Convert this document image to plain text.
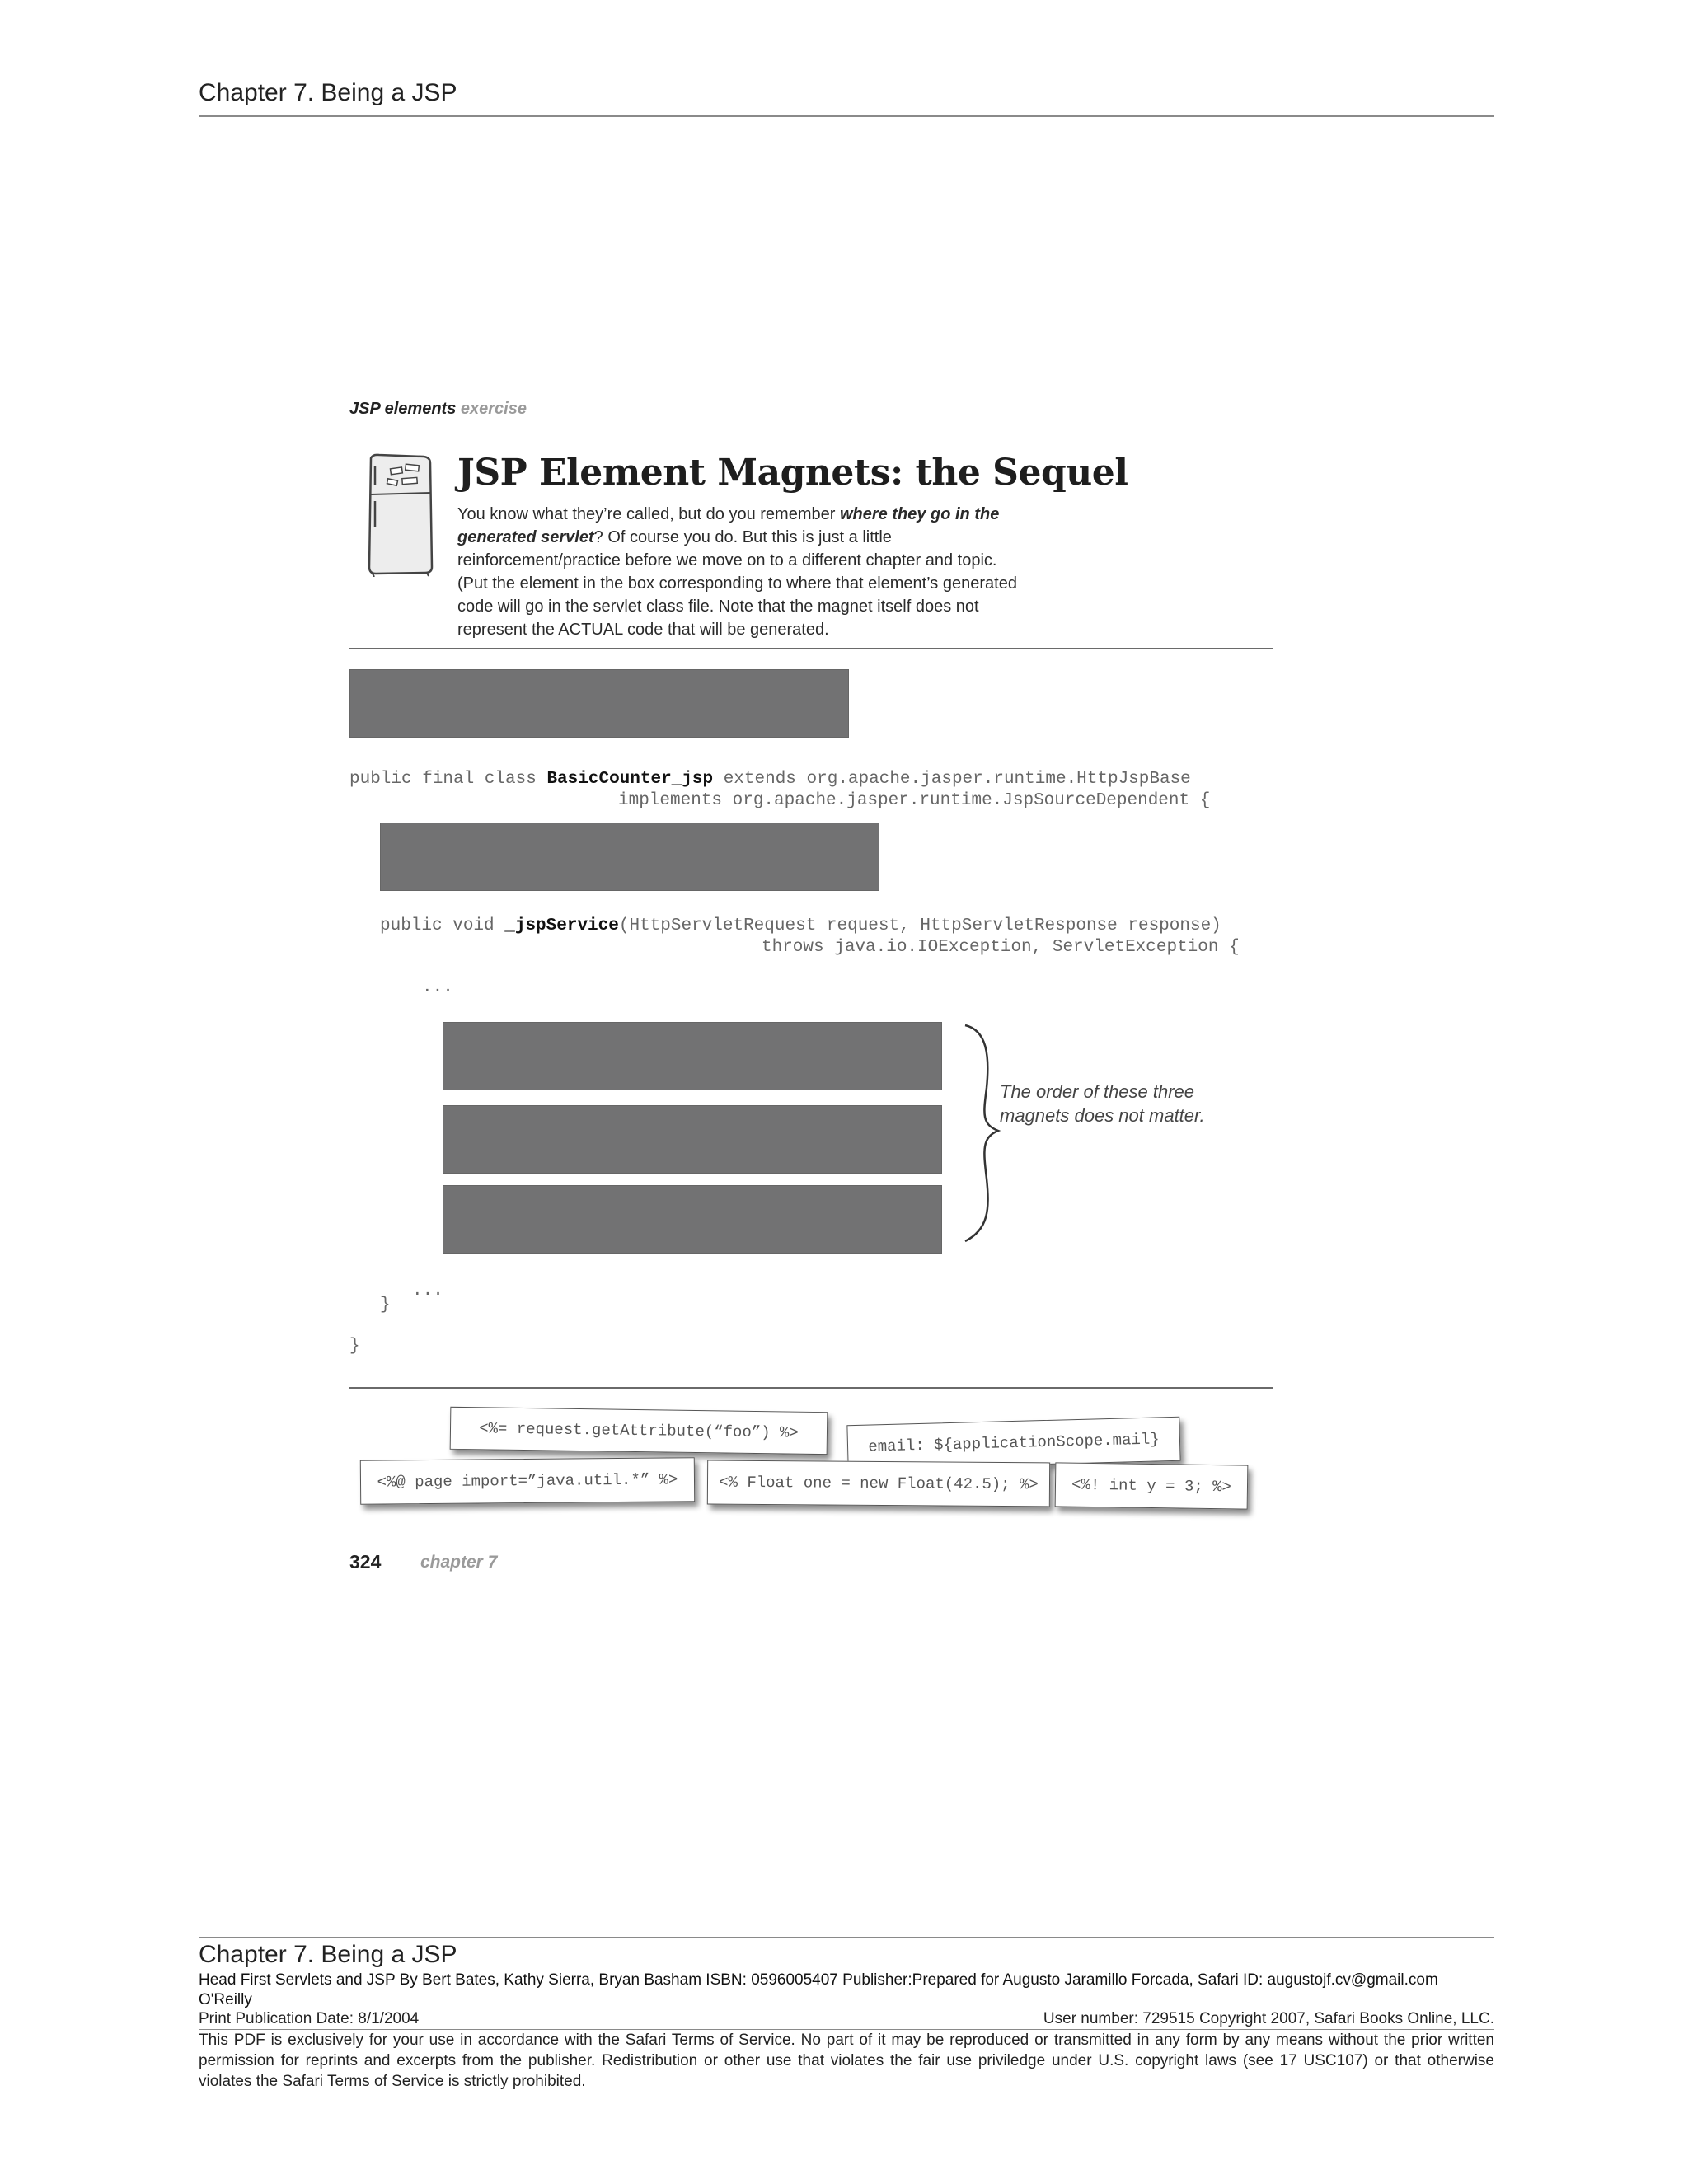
Chapter 7. Being a JSP
JSP elements exercise
JSP Element Magnets: the Sequel

You know what they’re called, but do you remember where they go in the generated servlet? Of course you do. But this is just a little reinforcement/practice before we move on to a different chapter and topic.

(Put the element in the box corresponding to where that element’s generated code will go in the servlet class file. Note that the magnet itself does not represent the ACTUAL code that will be generated.

public final class BasicCounter_jsp extends org.apache.jasper.runtime.HttpJspBase
implements org.apache.jasper.runtime.JspSourceDependent {
public void _jspService(HttpServletRequest request, HttpServletResponse response)
throws java.io.IOException, ServletException {
...
The order of these three magnets does not matter.
...
}
}
<%= request.getAttribute(“foo”) %>	email: ${applicationScope.mail}
<%@ page import=”java.util.*” %>	<% Float one = new Float(42.5); %>	<%! int y = 3; %>
324 chapter 7
Chapter 7. Being a JSP
Head First Servlets and JSP By Bert Bates, Kathy Sierra, Bryan Basham ISBN: 0596005407 Publisher:Prepared for Augusto Jaramillo Forcada, Safari ID: augustojf.cv@gmail.com
O'Reilly
Print Publication Date: 8/1/2004	User number: 729515 Copyright 2007, Safari Books Online, LLC.
This PDF is exclusively for your use in accordance with the Safari Terms of Service. No part of it may be reproduced or transmitted in any form by any means without the prior written permission for reprints and excerpts from the publisher. Redistribution or other use that violates the fair use priviledge under U.S. copyright laws (see 17 USC107) or that otherwise violates the Safari Terms of Service is strictly prohibited.
